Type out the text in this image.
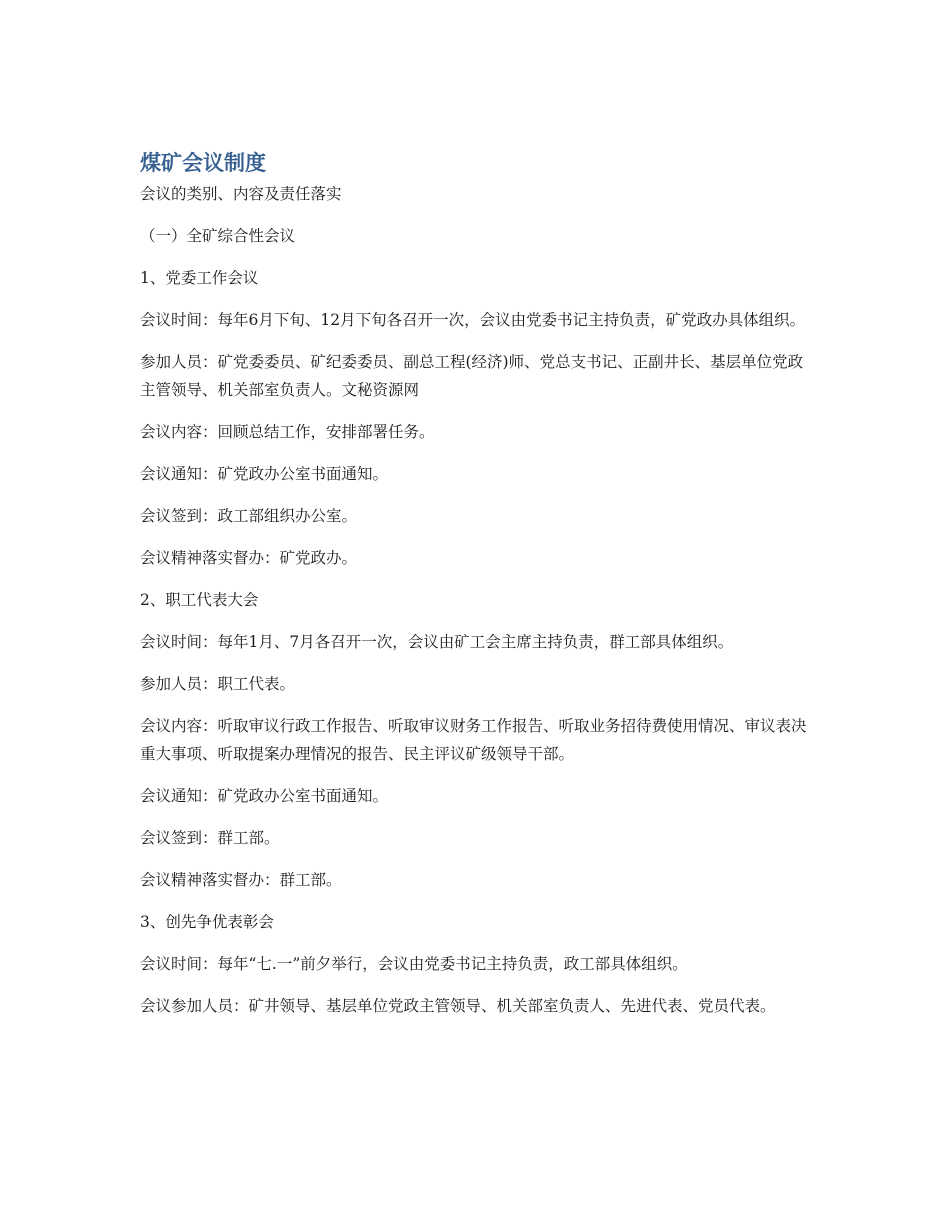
煤矿会议制度

会议的类别、内容及责任落实

（一）全矿综合性会议

1、党委工作会议

会议时间：每年6月下旬、12月下旬各召开一次，会议由党委书记主持负责，矿党政办具体组织。

参加人员：矿党委委员、矿纪委委员、副总工程(经济)师、党总支书记、正副井长、基层单位党政主管领导、机关部室负责人。文秘资源网

会议内容：回顾总结工作，安排部署任务。

会议通知：矿党政办公室书面通知。

会议签到：政工部组织办公室。

会议精神落实督办：矿党政办。

2、职工代表大会

会议时间：每年1月、7月各召开一次，会议由矿工会主席主持负责，群工部具体组织。

参加人员：职工代表。

会议内容：听取审议行政工作报告、听取审议财务工作报告、听取业务招待费使用情况、审议表决重大事项、听取提案办理情况的报告、民主评议矿级领导干部。

会议通知：矿党政办公室书面通知。

会议签到：群工部。

会议精神落实督办：群工部。

3、创先争优表彰会

会议时间：每年“七.一”前夕举行，会议由党委书记主持负责，政工部具体组织。

会议参加人员：矿井领导、基层单位党政主管领导、机关部室负责人、先进代表、党员代表。
